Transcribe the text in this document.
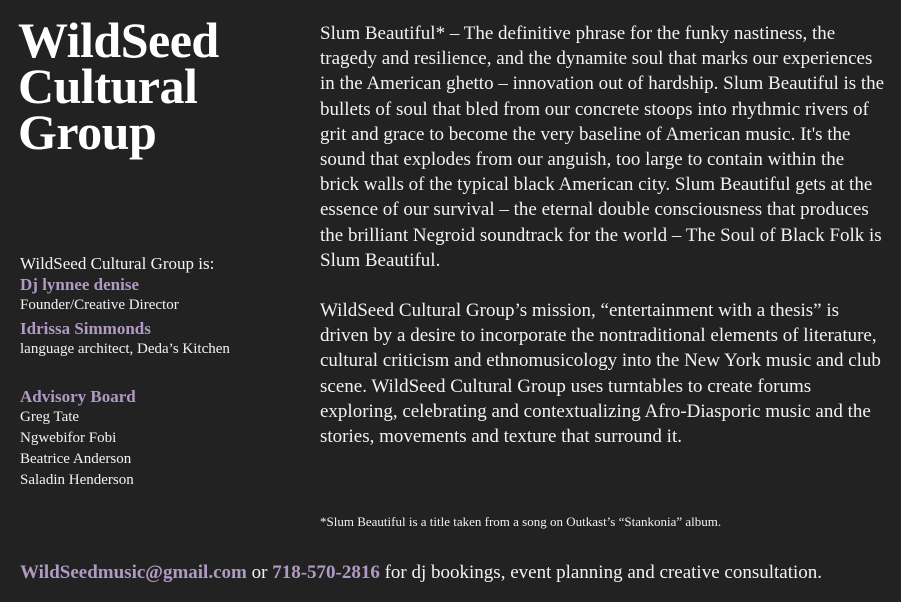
WildSeed
Cultural
Group
WildSeed Cultural Group is:
Dj lynnee denise
Founder/Creative Director
Idrissa Simmonds
language architect, Deda’s Kitchen
Advisory Board
Greg Tate
Ngwebifor Fobi
Beatrice Anderson
Saladin Henderson

Slum Beautiful* – The definitive phrase for the funky nastiness, the tragedy and resilience, and the dynamite soul that marks our experiences in the American ghetto – innovation out of hardship. Slum Beautiful is the bullets of soul that bled from our concrete stoops into rhythmic rivers of grit and grace to become the very baseline of American music. It's the sound that explodes from our anguish, too large to contain within the brick walls of the typical black American city. Slum Beautiful gets at the essence of our survival – the eternal double consciousness that produces the brilliant Negroid soundtrack for the world – The Soul of Black Folk is Slum Beautiful.

WildSeed Cultural Group’s mission, “entertainment with a thesis” is driven by a desire to incorporate the nontraditional elements of literature, cultural criticism and ethnomusicology into the New York music and club scene. WildSeed Cultural Group uses turntables to create forums exploring, celebrating and contextualizing Afro-Diasporic music and the stories, movements and texture that surround it.

*Slum Beautiful is a title taken from a song on Outkast’s “Stankonia” album.
WildSeedmusic@gmail.com or 718-570-2816 for dj bookings, event planning and creative consultation.
